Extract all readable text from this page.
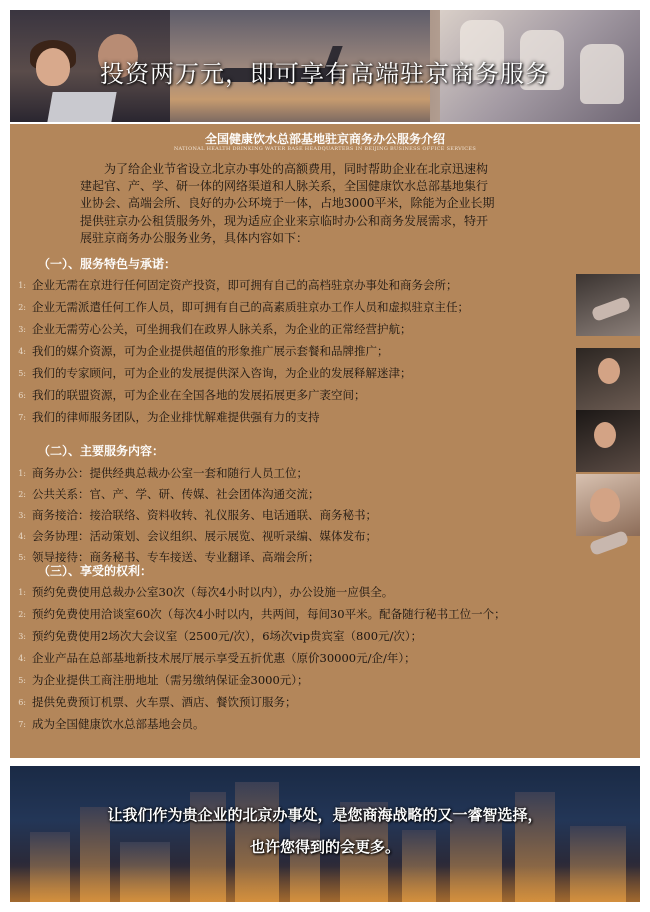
投资两万元，即可享有高端驻京商务服务
全国健康饮水总部基地驻京商务办公服务介绍
NATIONAL HEALTH DRINKING WATER BASE HEADQUARTERS IN BEIJING BUSINESS OFFICE SERVICES
为了给企业节省设立北京办事处的高额费用，同时帮助企业在北京迅速构
建起官、产、学、研一体的网络渠道和人脉关系，全国健康饮水总部基地集行
业协会、高端会所、良好的办公环境于一体，占地3000平米，除能为企业长期
提供驻京办公租赁服务外，现为适应企业来京临时办公和商务发展需求，特开
展驻京商务办公服务业务，具体内容如下：
（一）、服务特色与承诺：
1: 企业无需在京进行任何固定资产投资，即可拥有自己的高档驻京办事处和商务会所；
2: 企业无需派遣任何工作人员，即可拥有自己的高素质驻京办工作人员和虚拟驻京主任；
3: 企业无需劳心公关，可坐拥我们在政界人脉关系，为企业的正常经营护航；
4: 我们的媒介资源，可为企业提供超值的形象推广展示套餐和品牌推广；
5: 我们的专家顾问，可为企业的发展提供深入咨询，为企业的发展释解迷津；
6: 我们的联盟资源，可为企业在全国各地的发展拓展更多广袤空间；
7: 我们的律师服务团队，为企业排忧解难提供强有力的支持
（二）、主要服务内容：
1: 商务办公：提供经典总裁办公室一套和随行人员工位；
2: 公共关系：官、产、学、研、传媒、社会团体沟通交流；
3: 商务接洽：接洽联络、资料收转、礼仪服务、电话通联、商务秘书；
4: 会务协理：活动策划、会议组织、展示展览、视听录编、媒体发布；
5: 领导接待：商务秘书、专车接送、专业翻译、高端会所；
（三）、享受的权利：
1: 预约免费使用总裁办公室30次（每次4小时以内），办公设施一应俱全。
2: 预约免费使用洽谈室60次（每次4小时以内，共两间，每间30平米。配备随行秘书工位一个；
3: 预约免费使用2场次大会议室（2500元/次），6场次vip贵宾室（800元/次）；
4: 企业产品在总部基地新技术展厅展示享受五折优惠（原价30000元/企/年）；
5: 为企业提供工商注册地址（需另缴纳保证金3000元）；
6: 提供免费预订机票、火车票、酒店、餐饮预订服务；
7: 成为全国健康饮水总部基地会员。
让我们作为贵企业的北京办事处，是您商海战略的又一睿智选择，
也许您得到的会更多。
